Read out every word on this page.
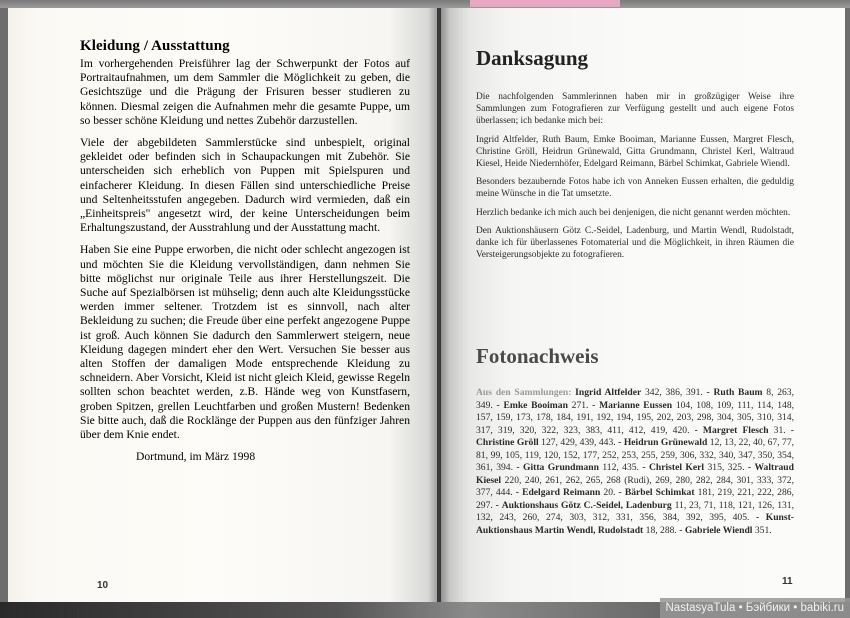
Kleidung / Ausstattung

Im vorhergehenden Preisführer lag der Schwerpunkt der Fotos auf Portraitaufnahmen, um dem Sammler die Möglichkeit zu geben, die Gesichtszüge und die Prägung der Frisuren besser studieren zu können. Diesmal zeigen die Aufnahmen mehr die gesamte Puppe, um so besser schöne Kleidung und nettes Zubehör darzustellen.

Viele der abgebildeten Sammlerstücke sind unbespielt, original gekleidet oder befinden sich in Schaupackungen mit Zubehör. Sie unterscheiden sich erheblich von Puppen mit Spielspuren und einfacherer Kleidung. In diesen Fällen sind unterschiedliche Preise und Seltenheitsstufen angegeben. Dadurch wird vermieden, daß ein „Einheitspreis" angesetzt wird, der keine Unterscheidungen beim Erhaltungszustand, der Ausstrahlung und der Ausstattung macht.

Haben Sie eine Puppe erworben, die nicht oder schlecht angezogen ist und möchten Sie die Kleidung vervollständigen, dann nehmen Sie bitte möglichst nur originale Teile aus ihrer Herstellungszeit. Die Suche auf Spezialbörsen ist mühselig; denn auch alte Kleidungsstücke werden immer seltener. Trotzdem ist es sinnvoll, nach alter Bekleidung zu suchen; die Freude über eine perfekt angezogene Puppe ist groß. Auch können Sie dadurch den Sammlerwert steigern, neue Kleidung dagegen mindert eher den Wert. Versuchen Sie besser aus alten Stoffen der damaligen Mode entsprechende Kleidung zu schneidern. Aber Vorsicht, Kleid ist nicht gleich Kleid, gewisse Regeln sollten schon beachtet werden, z.B. Hände weg von Kunstfasern, groben Spitzen, grellen Leuchtfarben und großen Mustern! Bedenken Sie bitte auch, daß die Rocklänge der Puppen aus den fünfziger Jahren über dem Knie endet.

Dortmund, im März 1998

Danksagung

Die nachfolgenden Sammlerinnen haben mir in großzügiger Weise ihre Sammlungen zum Fotografieren zur Verfügung gestellt und auch eigene Fotos überlassen; ich bedanke mich bei:

Ingrid Altfelder, Ruth Baum, Emke Booiman, Marianne Eussen, Margret Flesch, Christine Gröll, Heidrun Grünewald, Gitta Grundmann, Christel Kerl, Waltraud Kiesel, Heide Niedernhöfer, Edelgard Reimann, Bärbel Schimkat, Gabriele Wiendl.

Besonders bezaubernde Fotos habe ich von Anneken Eussen erhalten, die geduldig meine Wünsche in die Tat umsetzte.

Herzlich bedanke ich mich auch bei denjenigen, die nicht genannt werden möchten.

Den Auktionshäusern Götz C.-Seidel, Ladenburg, und Martin Wendl, Rudolstadt, danke ich für überlassenes Fotomaterial und die Möglichkeit, in ihren Räumen die Versteigerungsobjekte zu fotografieren.

Fotonachweis

Aus den Sammlungen: Ingrid Altfelder 342, 386, 391. - Ruth Baum 8, 263, 349. - Emke Booiman 271. - Marianne Eussen 104, 108, 109, 111, 114, 148, 157, 159, 173, 178, 184, 191, 192, 194, 195, 202, 203, 298, 304, 305, 310, 314, 317, 319, 320, 322, 323, 383, 411, 412, 419, 420. - Margret Flesch 31. - Christine Gröll 127, 429, 439, 443. - Heidrun Grünewald 12, 13, 22, 40, 67, 77, 81, 99, 105, 119, 120, 152, 177, 252, 253, 255, 259, 306, 332, 340, 347, 350, 354, 361, 394. - Gitta Grundmann 112, 435. - Christel Kerl 315, 325. - Waltraud Kiesel 220, 240, 261, 262, 265, 268 (Rudi), 269, 280, 282, 284, 301, 333, 372, 377, 444. - Edelgard Reimann 20. - Bärbel Schimkat 181, 219, 221, 222, 286, 297. - Auktionshaus Götz C.-Seidel, Ladenburg 11, 23, 71, 118, 121, 126, 131, 132, 243, 260, 274, 303, 312, 331, 356, 384, 392, 395, 405. - Kunst-Auktionshaus Martin Wendl, Rudolstadt 18, 288. - Gabriele Wiendl 351.

10	11
NastasyaTula • Бэйбики • babiki.ru
